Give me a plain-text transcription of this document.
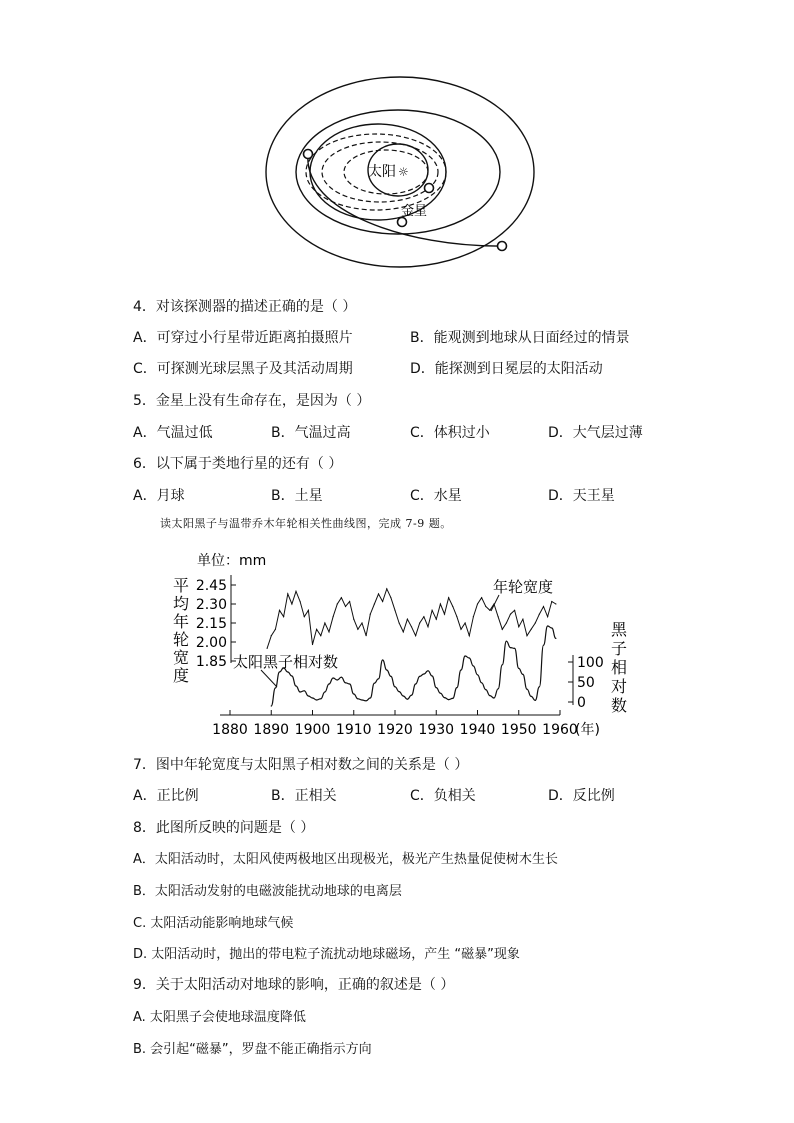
太阳 ☼
金星
4．对该探测器的描述正确的是（ ）
A．可穿过小行星带近距离拍摄照片	B．能观测到地球从日面经过的情景
C．可探测光球层黑子及其活动周期	D．能探测到日冕层的太阳活动
5．金星上没有生命存在，是因为（ ）
A．气温过低	B．气温过高	C．体积过小	D．大气层过薄
6．以下属于类地行星的还有（ ）
A．月球	B．土星	C．水星	D．天王星
读太阳黑子与温带乔木年轮相关性曲线图，完成 7-9 题。
单位：mm
平
均
年
轮
宽
度
黑
子
相
对
数
2.45
2.30
2.15
2.00
1.85	100
50
0
1880 1890 1900 1910 1920 1930 1940 1950 1960
(年)
年轮宽度
太阳黑子相对数
7．图中年轮宽度与太阳黑子相对数之间的关系是（ ）
A．正比例	B．正相关	C．负相关	D．反比例
8．此图所反映的问题是（ ）
A．太阳活动时，太阳风使两极地区出现极光，极光产生热量促使树木生长
B．太阳活动发射的电磁波能扰动地球的电离层
C. 太阳活动能影响地球气候
D. 太阳活动时，抛出的带电粒子流扰动地球磁场，产生 “磁暴”现象
9．关于太阳活动对地球的影响，正确的叙述是（ ）
A. 太阳黑子会使地球温度降低
B. 会引起“磁暴”，罗盘不能正确指示方向
